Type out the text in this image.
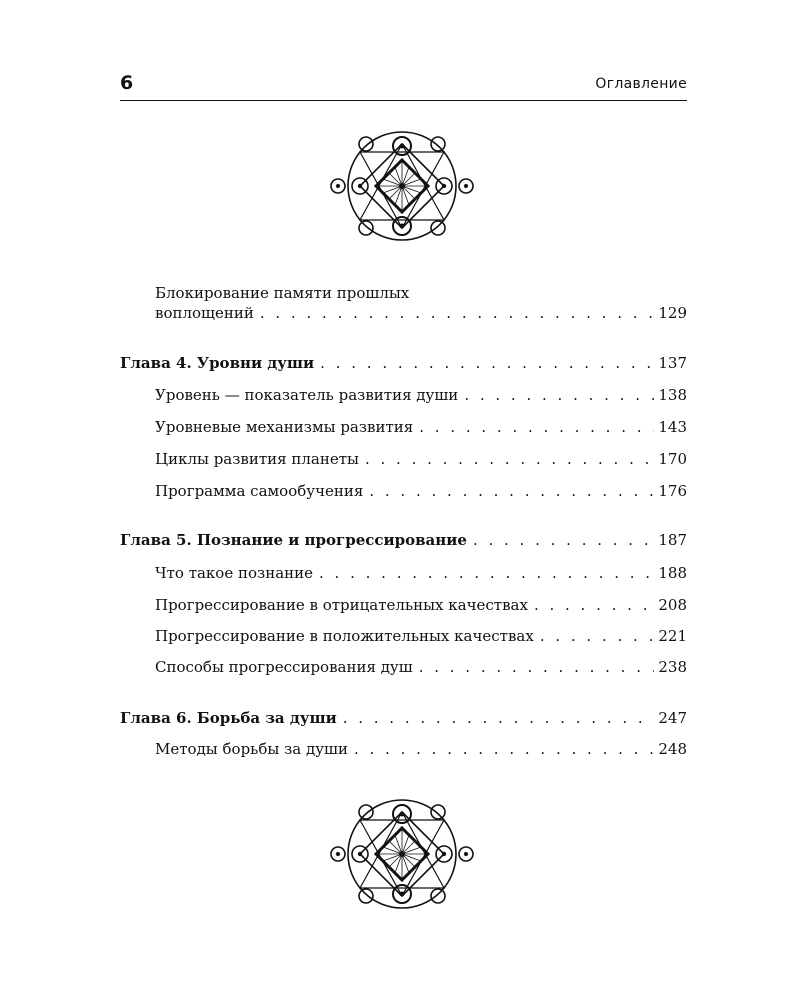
6	Оглавление
Блокирование памяти прошлых
воплощений . . .	129
Глава 4. Уровни души . . .	137
Уровень — показатель развития души . . .	138
Уровневые механизмы развития . . .	143
Циклы развития планеты . . .	170
Программа самообучения . . .	176
Глава 5. Познание и прогрессирование . . .	187
Что такое познание . . .	188
Прогрессирование в отрицательных качествах . . .	208
Прогрессирование в положительных качествах . . .	221
Способы прогрессирования душ . . .	238
Глава 6. Борьба за души . . .	247
Методы борьбы за души . . .	248
